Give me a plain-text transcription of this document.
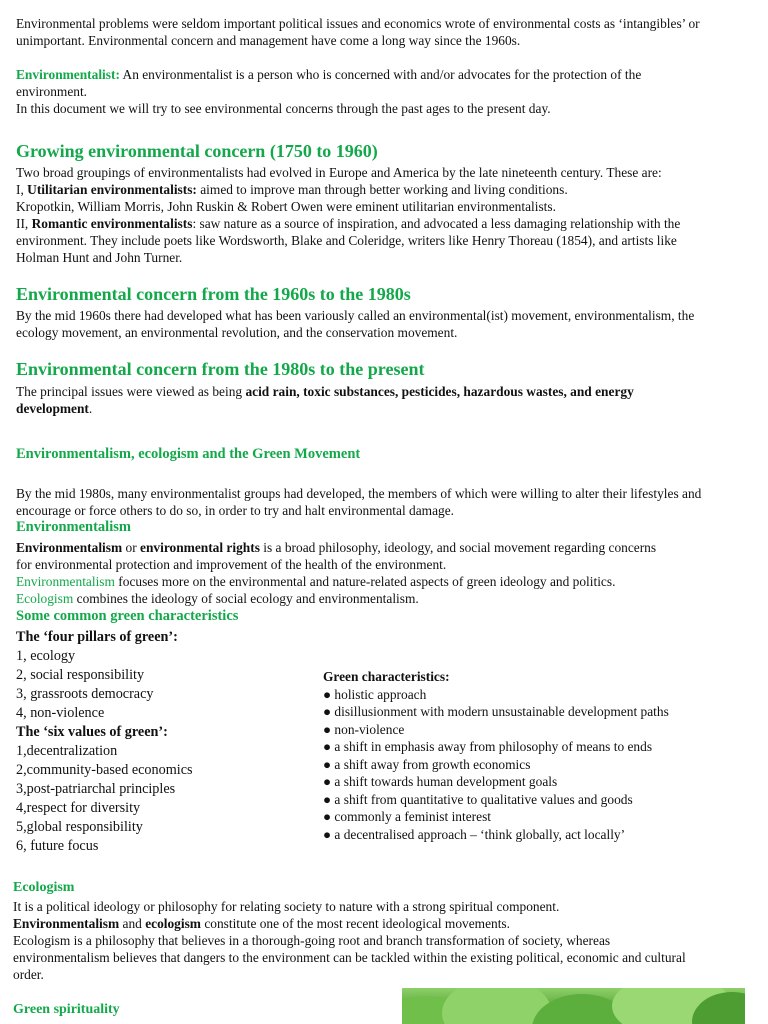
Environmental problems were seldom important political issues and economics wrote of environmental costs as ‘intangibles’ or
unimportant. Environmental concern and management have come a long way since the 1960s.
Environmentalist: An environmentalist is a person who is concerned with and/or advocates for the protection of the
environment.
In this document we will try to see environmental concerns through the past ages to the present day.
Growing environmental concern (1750 to 1960)
Two broad groupings of environmentalists had evolved in Europe and America by the late nineteenth century. These are:
I, Utilitarian environmentalists: aimed to improve man through better working and living conditions.
Kropotkin, William Morris, John Ruskin & Robert Owen were eminent utilitarian environmentalists.
II, Romantic environmentalists: saw nature as a source of inspiration, and advocated a less damaging relationship with the
environment. They include poets like Wordsworth, Blake and Coleridge, writers like Henry Thoreau (1854), and artists like
Holman Hunt and John Turner.
Environmental concern from the 1960s to the 1980s
By the mid 1960s there had developed what has been variously called an environmental(ist) movement, environmentalism, the
ecology movement, an environmental revolution, and the conservation movement.
Environmental concern from the 1980s to the present
The principal issues were viewed as being acid rain, toxic substances, pesticides, hazardous wastes, and energy
development.
Environmentalism, ecologism and the Green Movement
By the mid 1980s, many environmentalist groups had developed, the members of which were willing to alter their lifestyles and
encourage or force others to do so, in order to try and halt environmental damage.
Environmentalism
Environmentalism or environmental rights is a broad philosophy, ideology, and social movement regarding concerns
for environmental protection and improvement of the health of the environment.
Environmentalism focuses more on the environmental and nature-related aspects of green ideology and politics.
Ecologism combines the ideology of social ecology and environmentalism.
Some common green characteristics
The ‘four pillars of green’:
1, ecology
2, social responsibility
3, grassroots democracy
4, non-violence
The ‘six values of green’:
1,decentralization
2,community-based economics
3,post-patriarchal principles
4,respect for diversity
5,global responsibility
6, future focus
Green characteristics:
● holistic approach
● disillusionment with modern unsustainable development paths
● non-violence
● a shift in emphasis away from philosophy of means to ends
● a shift away from growth economics
● a shift towards human development goals
● a shift from quantitative to qualitative values and goods
● commonly a feminist interest
● a decentralised approach – ‘think globally, act locally’
Ecologism
It is a political ideology or philosophy for relating society to nature with a strong spiritual component.
Environmentalism and ecologism constitute one of the most recent ideological movements.
Ecologism is a philosophy that believes in a thorough-going root and branch transformation of society, whereas
environmentalism believes that dangers to the environment can be tackled within the existing political, economic and cultural
order.
Green spirituality
